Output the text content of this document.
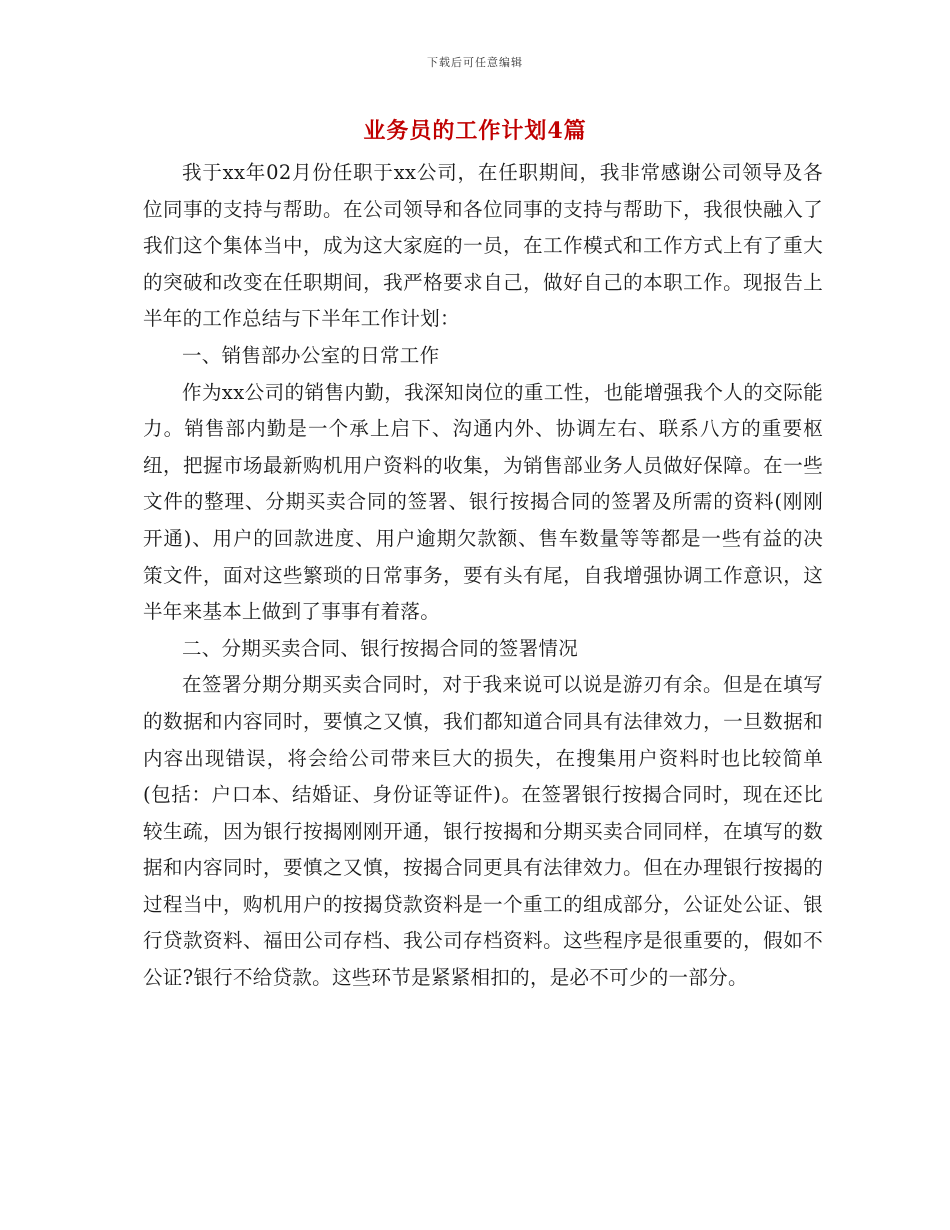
下载后可任意编辑
业务员的工作计划4篇

我于xx年02月份任职于xx公司，在任职期间，我非常感谢公司领导及各位同事的支持与帮助。在公司领导和各位同事的支持与帮助下，我很快融入了我们这个集体当中，成为这大家庭的一员，在工作模式和工作方式上有了重大的突破和改变在任职期间，我严格要求自己，做好自己的本职工作。现报告上半年的工作总结与下半年工作计划：

一、销售部办公室的日常工作

作为xx公司的销售内勤，我深知岗位的重工性，也能增强我个人的交际能力。销售部内勤是一个承上启下、沟通内外、协调左右、联系八方的重要枢纽，把握市场最新购机用户资料的收集，为销售部业务人员做好保障。在一些文件的整理、分期买卖合同的签署、银行按揭合同的签署及所需的资料(刚刚开通)、用户的回款进度、用户逾期欠款额、售车数量等等都是一些有益的决策文件，面对这些繁琐的日常事务，要有头有尾，自我增强协调工作意识，这半年来基本上做到了事事有着落。

二、分期买卖合同、银行按揭合同的签署情况

在签署分期分期买卖合同时，对于我来说可以说是游刃有余。但是在填写的数据和内容同时，要慎之又慎，我们都知道合同具有法律效力，一旦数据和内容出现错误，将会给公司带来巨大的损失，在搜集用户资料时也比较简单(包括：户口本、结婚证、身份证等证件)。在签署银行按揭合同时，现在还比较生疏，因为银行按揭刚刚开通，银行按揭和分期买卖合同同样，在填写的数据和内容同时，要慎之又慎，按揭合同更具有法律效力。但在办理银行按揭的过程当中，购机用户的按揭贷款资料是一个重工的组成部分，公证处公证、银行贷款资料、福田公司存档、我公司存档资料。这些程序是很重要的，假如不公证?银行不给贷款。这些环节是紧紧相扣的，是必不可少的一部分。
